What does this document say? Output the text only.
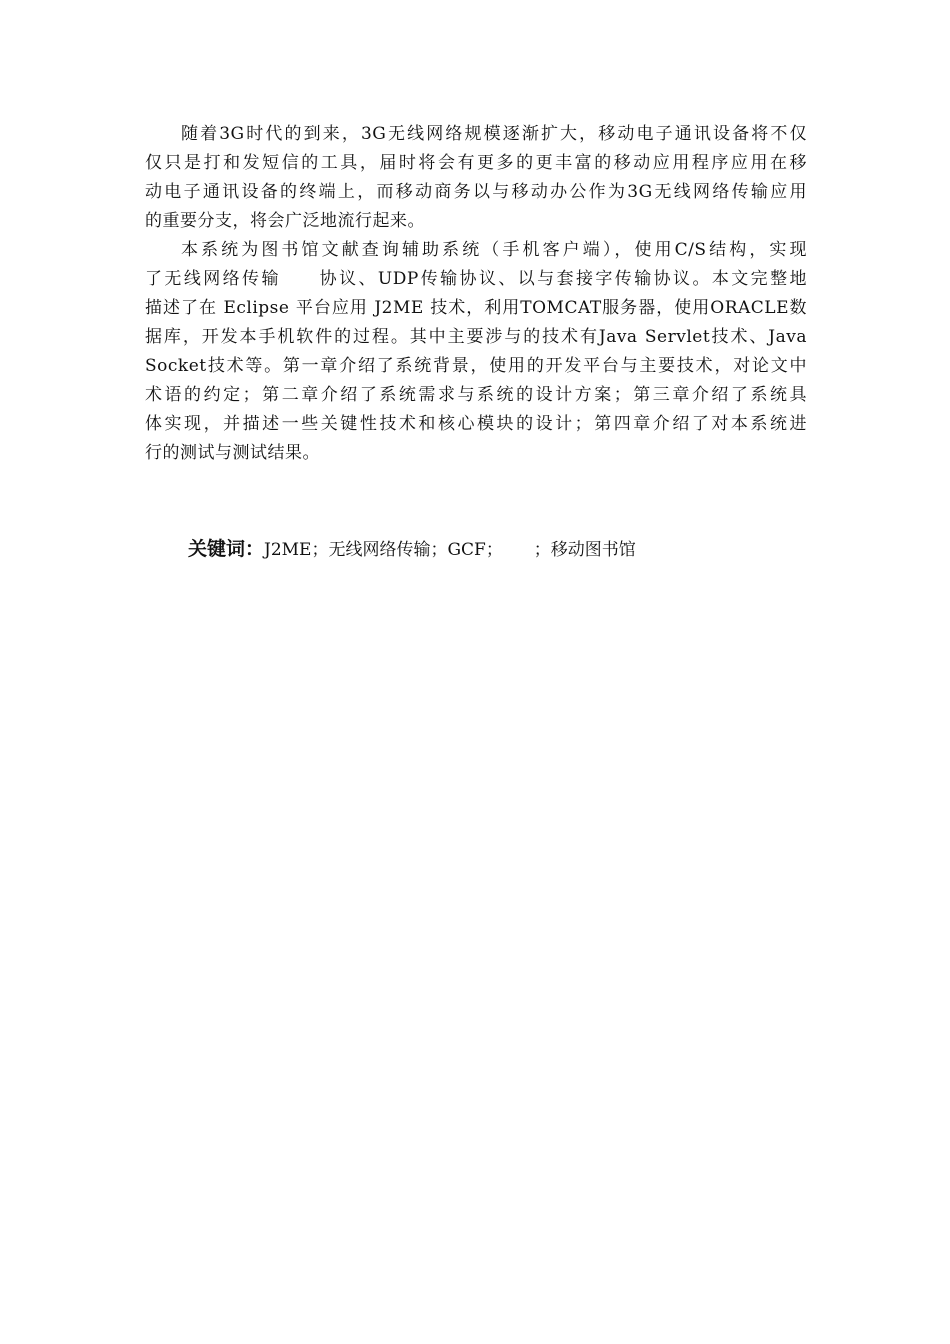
随着3G时代的到来，3G无线网络规模逐渐扩大，移动电子通讯设备将不仅
仅只是打和发短信的工具，届时将会有更多的更丰富的移动应用程序应用在移
动电子通讯设备的终端上，而移动商务以与移动办公作为3G无线网络传输应用
的重要分支，将会广泛地流行起来。
本系统为图书馆文献查询辅助系统（手机客户端），使用C/S结构，实现
了无线网络传输　　协议、UDP传输协议、以与套接字传输协议。本文完整地
描述了在 Eclipse 平台应用 J2ME 技术，利用TOMCAT服务器，使用ORACLE数
据库，开发本手机软件的过程。其中主要涉与的技术有Java Servlet技术、Java
Socket技术等。第一章介绍了系统背景，使用的开发平台与主要技术，对论文中
术语的约定；第二章介绍了系统需求与系统的设计方案；第三章介绍了系统具
体实现，并描述一些关键性技术和核心模块的设计；第四章介绍了对本系统进
行的测试与测试结果。
关键词：J2ME；无线网络传输；GCF；　　 ；移动图书馆
